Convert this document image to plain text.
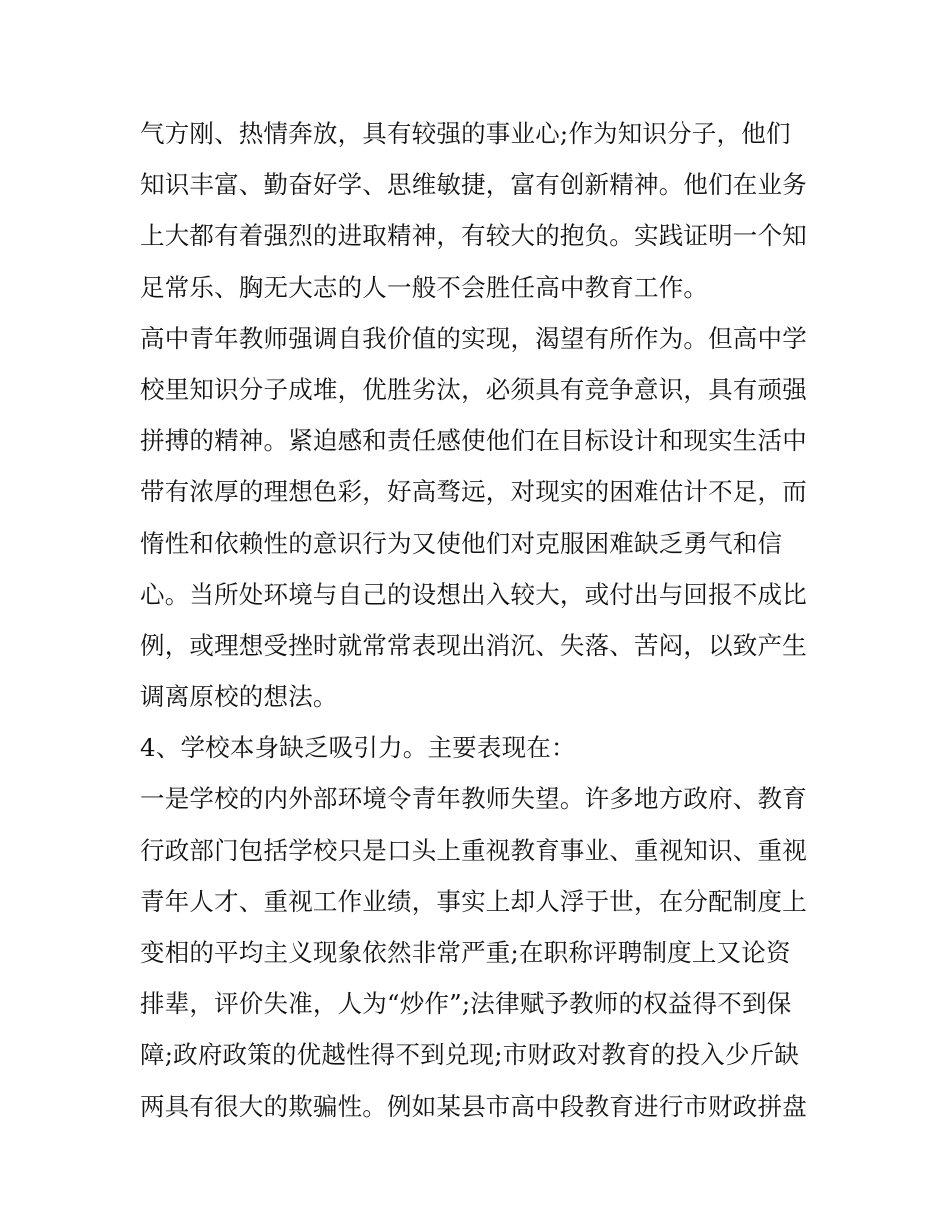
气方刚、热情奔放，具有较强的事业心;作为知识分子，他们
知识丰富、勤奋好学、思维敏捷，富有创新精神。他们在业务
上大都有着强烈的进取精神，有较大的抱负。实践证明一个知
足常乐、胸无大志的人一般不会胜任高中教育工作。
高中青年教师强调自我价值的实现，渴望有所作为。但高中学
校里知识分子成堆，优胜劣汰，必须具有竞争意识，具有顽强
拼搏的精神。紧迫感和责任感使他们在目标设计和现实生活中
带有浓厚的理想色彩，好高骛远，对现实的困难估计不足，而
惰性和依赖性的意识行为又使他们对克服困难缺乏勇气和信
心。当所处环境与自己的设想出入较大，或付出与回报不成比
例，或理想受挫时就常常表现出消沉、失落、苦闷，以致产生
调离原校的想法。
4、学校本身缺乏吸引力。主要表现在：
一是学校的内外部环境令青年教师失望。许多地方政府、教育
行政部门包括学校只是口头上重视教育事业、重视知识、重视
青年人才、重视工作业绩，事实上却人浮于世，在分配制度上
变相的平均主义现象依然非常严重;在职称评聘制度上又论资
排辈，评价失准，人为“炒作”;法律赋予教师的权益得不到保
障;政府政策的优越性得不到兑现;市财政对教育的投入少斤缺
两具有很大的欺骗性。例如某县市高中段教育进行市财政拼盘
